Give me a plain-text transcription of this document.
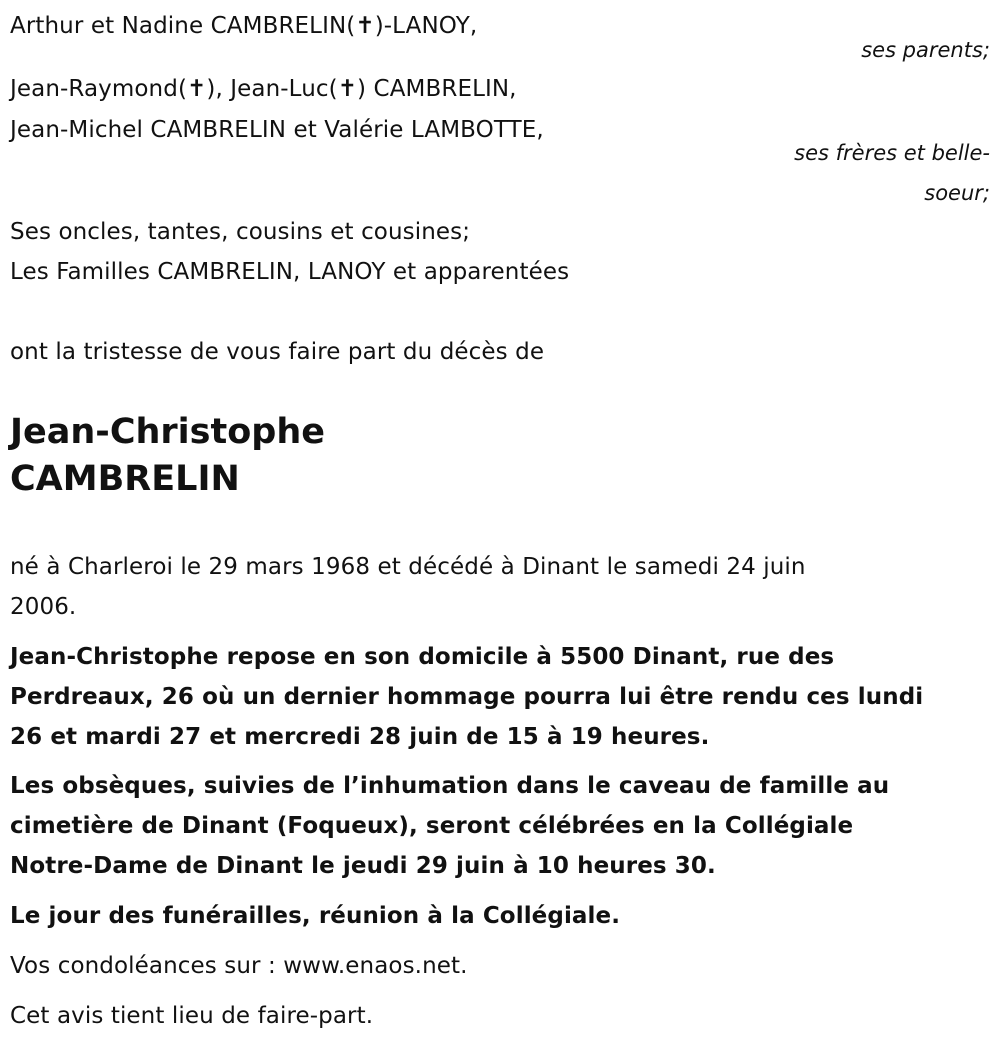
Arthur et Nadine CAMBRELIN(✝)-LANOY,
ses parents;
Jean-Raymond(✝), Jean-Luc(✝) CAMBRELIN,
Jean-Michel CAMBRELIN et Valérie LAMBOTTE,
ses frères et belle-
soeur;
Ses oncles, tantes, cousins et cousines;
Les Familles CAMBRELIN, LANOY et apparentées
ont la tristesse de vous faire part du décès de
Jean-Christophe
CAMBRELIN
né à Charleroi le 29 mars 1968 et décédé à Dinant le samedi 24 juin
2006.
Jean-Christophe repose en son domicile à 5500 Dinant, rue des
Perdreaux, 26 où un dernier hommage pourra lui être rendu ces lundi
26 et mardi 27 et mercredi 28 juin de 15 à 19 heures.
Les obsèques, suivies de l’inhumation dans le caveau de famille au
cimetière de Dinant (Foqueux), seront célébrées en la Collégiale
Notre-Dame de Dinant le jeudi 29 juin à 10 heures 30.
Le jour des funérailles, réunion à la Collégiale.
Vos condoléances sur : www.enaos.net.
Cet avis tient lieu de faire-part.
